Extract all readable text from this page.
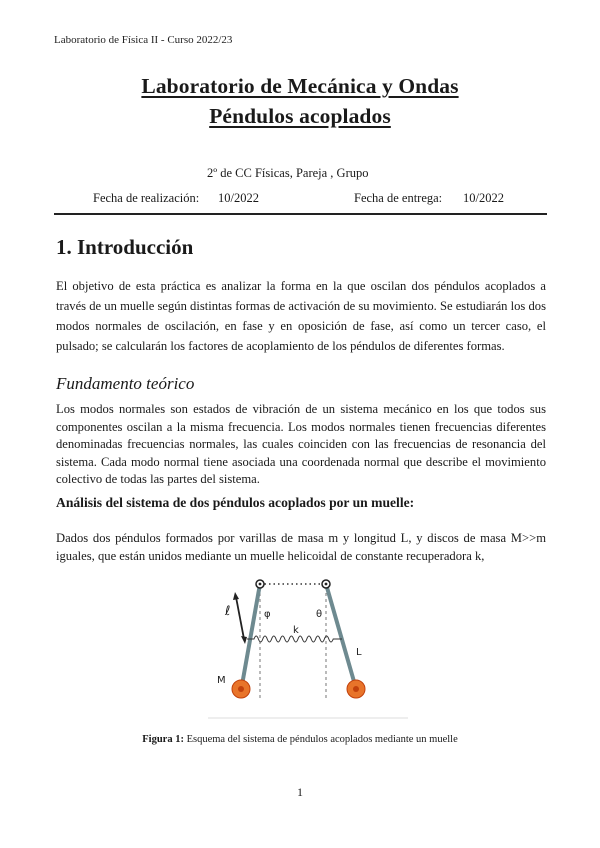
Laboratorio de Física II - Curso 2022/23
Laboratorio de Mecánica y Ondas
Péndulos acoplados
2º de CC Físicas, Pareja , Grupo
Fecha de realización: 10/2022	Fecha de entrega: 10/2022
1. Introducción
El objetivo de esta práctica es analizar la forma en la que oscilan dos péndulos acoplados a través de un muelle según distintas formas de activación de su movimiento. Se estudiarán los dos modos normales de oscilación, en fase y en oposición de fase, así como un tercer caso, el pulsado; se calcularán los factores de acoplamiento de los péndulos de diferentes formas.
Fundamento teórico
Los modos normales son estados de vibración de un sistema mecánico en los que todos sus componentes oscilan a la misma frecuencia. Los modos normales tienen frecuencias diferentes denominadas frecuencias normales, las cuales coinciden con las frecuencias de resonancia del sistema. Cada modo normal tiene asociada una coordenada normal que describe el movimiento colectivo de todas las partes del sistema.
Análisis del sistema de dos péndulos acoplados por un muelle:
Dados dos péndulos formados por varillas de masa m y longitud L, y discos de masa M>>m iguales, que están unidos mediante un muelle helicoidal de constante recuperadora k,
ℓ	φ	θ
k
L
M
Figura 1: Esquema del sistema de péndulos acoplados mediante un muelle
1
